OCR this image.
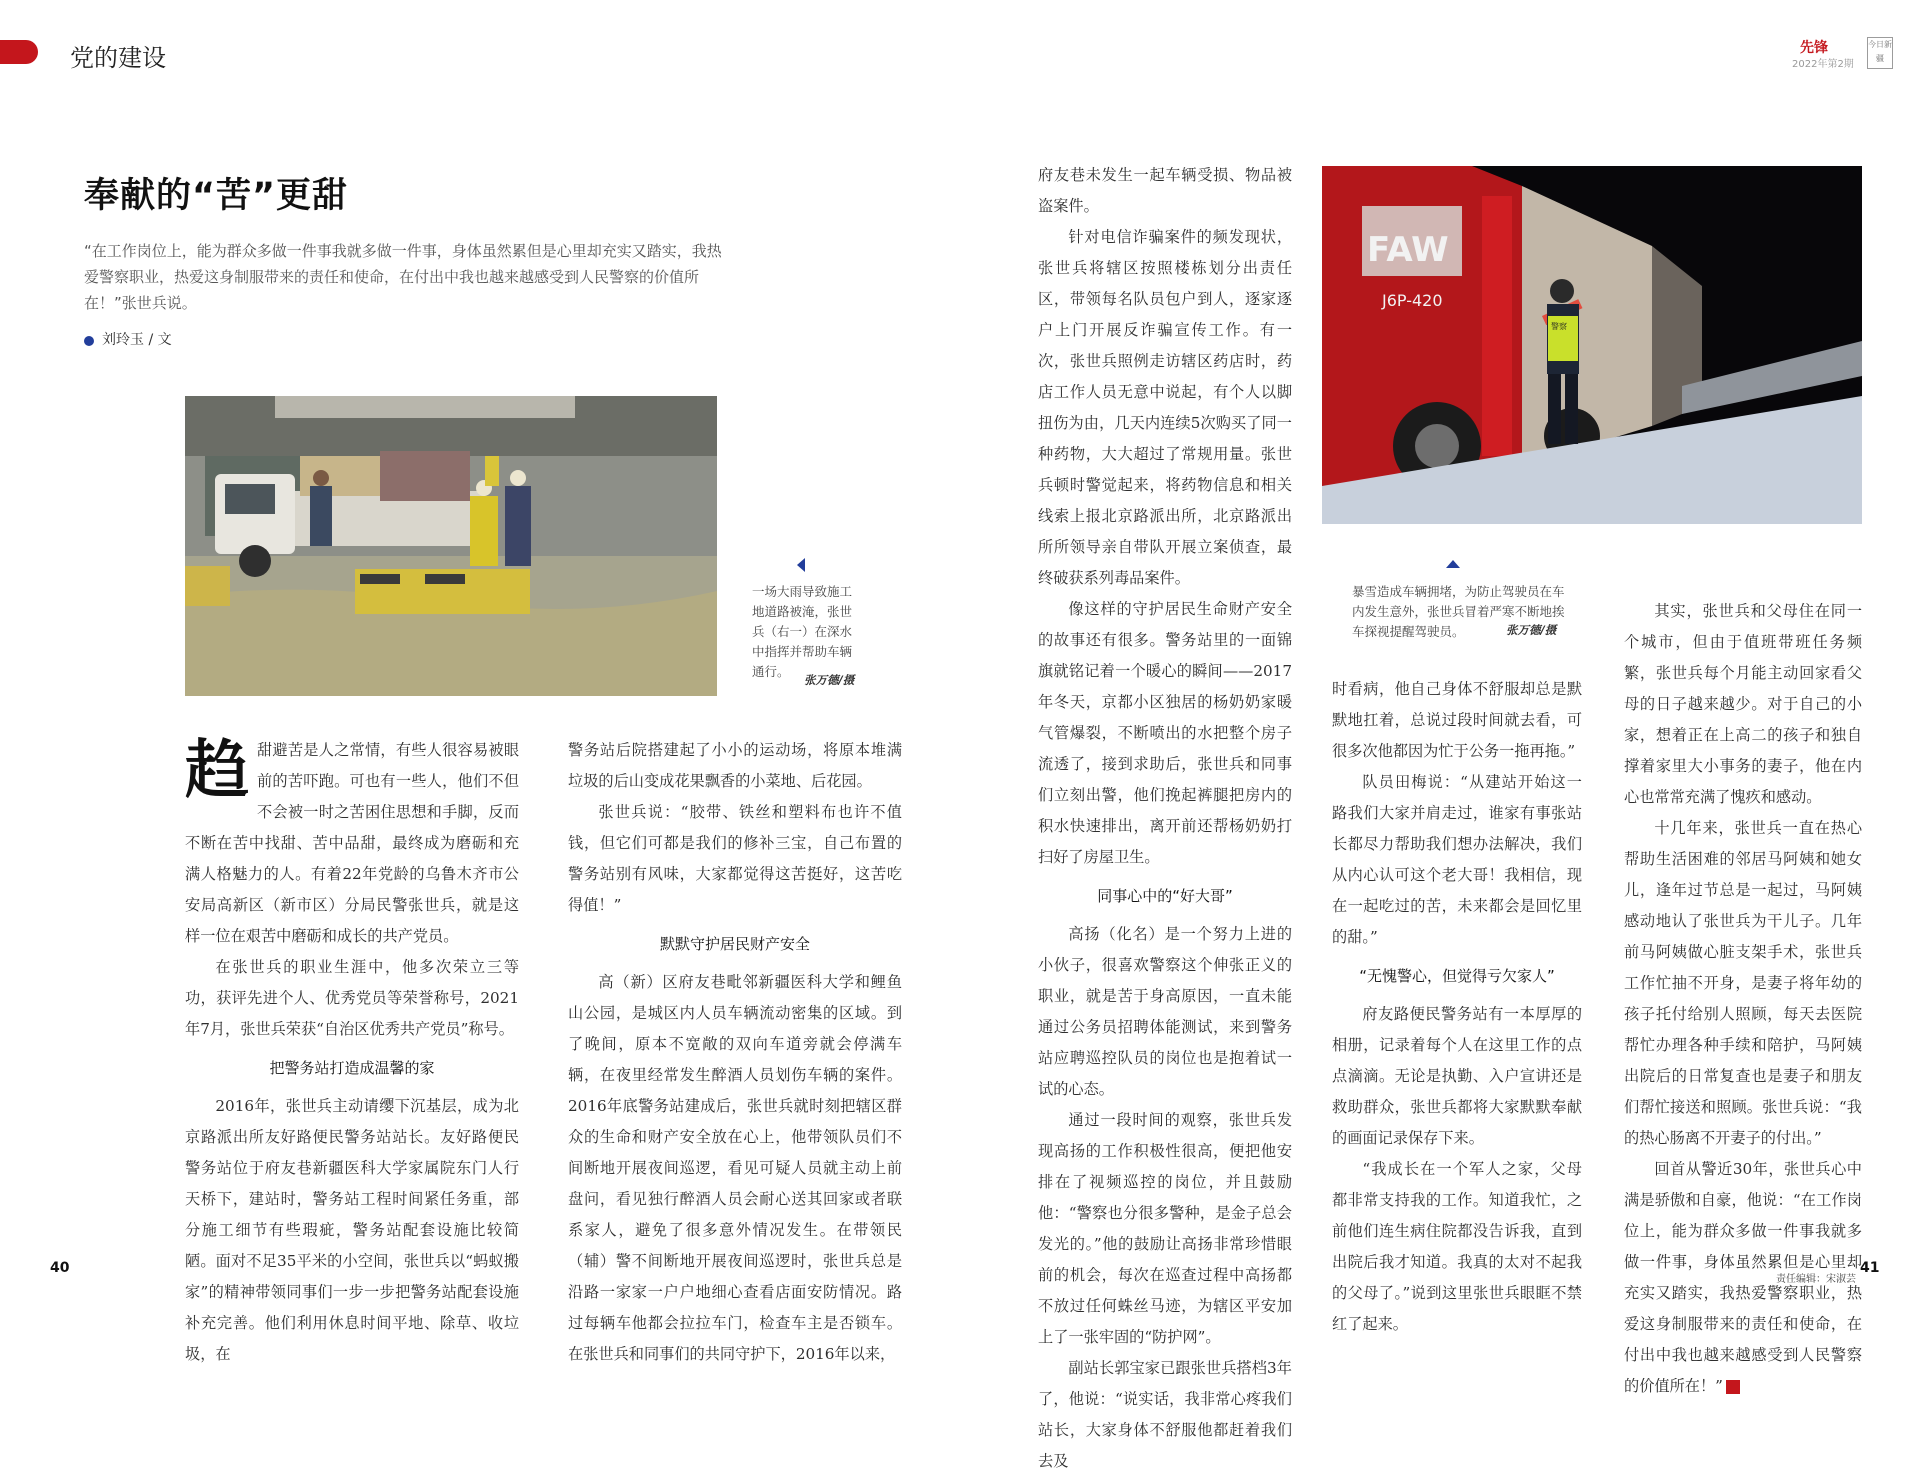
党的建设	先锋
2022年第2期
今日新疆
奉献的“苦”更甜
“在工作岗位上，能为群众多做一件事我就多做一件事，身体虽然累但是心里却充实又踏实，我热爱警察职业，热爱这身制服带来的责任和使命，在付出中我也越来越感受到人民警察的价值所在！”张世兵说。
刘玲玉 / 文
一场大雨导致施工地道路被淹，张世兵（右一）在深水中指挥并帮助车辆通行。
张万德/摄
FAW
J6P-420
警察
暴雪造成车辆拥堵，为防止驾驶员在车内发生意外，张世兵冒着严寒不断地挨车探视提醒驾驶员。	张万德/摄

趋甜避苦是人之常情，有些人很容易被眼前的苦吓跑。可也有一些人，他们不但不会被一时之苦困住思想和手脚，反而不断在苦中找甜、苦中品甜，最终成为磨砺和充满人格魅力的人。有着22年党龄的乌鲁木齐市公安局高新区（新市区）分局民警张世兵，就是这样一位在艰苦中磨砺和成长的共产党员。

在张世兵的职业生涯中，他多次荣立三等功，获评先进个人、优秀党员等荣誉称号，2021年7月，张世兵荣获“自治区优秀共产党员”称号。

把警务站打造成温馨的家

2016年，张世兵主动请缨下沉基层，成为北京路派出所友好路便民警务站站长。友好路便民警务站位于府友巷新疆医科大学家属院东门人行天桥下，建站时，警务站工程时间紧任务重，部分施工细节有些瑕疵，警务站配套设施比较简陋。面对不足35平米的小空间，张世兵以“蚂蚁搬家”的精神带领同事们一步一步把警务站配套设施补充完善。他们利用休息时间平地、除草、收垃圾，在

警务站后院搭建起了小小的运动场，将原本堆满垃圾的后山变成花果飘香的小菜地、后花园。

张世兵说：“胶带、铁丝和塑料布也许不值钱，但它们可都是我们的修补三宝，自己布置的警务站别有风味，大家都觉得这苦挺好，这苦吃得值！”

默默守护居民财产安全

高（新）区府友巷毗邻新疆医科大学和鲤鱼山公园，是城区内人员车辆流动密集的区域。到了晚间，原本不宽敞的双向车道旁就会停满车辆，在夜里经常发生醉酒人员划伤车辆的案件。2016年底警务站建成后，张世兵就时刻把辖区群众的生命和财产安全放在心上，他带领队员们不间断地开展夜间巡逻，看见可疑人员就主动上前盘问，看见独行醉酒人员会耐心送其回家或者联系家人，避免了很多意外情况发生。在带领民（辅）警不间断地开展夜间巡逻时，张世兵总是沿路一家家一户户地细心查看店面安防情况。路过每辆车他都会拉拉车门，检查车主是否锁车。在张世兵和同事们的共同守护下，2016年以来，

府友巷未发生一起车辆受损、物品被盗案件。

针对电信诈骗案件的频发现状，张世兵将辖区按照楼栋划分出责任区，带领每名队员包户到人，逐家逐户上门开展反诈骗宣传工作。有一次，张世兵照例走访辖区药店时，药店工作人员无意中说起，有个人以脚扭伤为由，几天内连续5次购买了同一种药物，大大超过了常规用量。张世兵顿时警觉起来，将药物信息和相关线索上报北京路派出所，北京路派出所所领导亲自带队开展立案侦查，最终破获系列毒品案件。

像这样的守护居民生命财产安全的故事还有很多。警务站里的一面锦旗就铭记着一个暖心的瞬间——2017年冬天，京都小区独居的杨奶奶家暖气管爆裂，不断喷出的水把整个房子流透了，接到求助后，张世兵和同事们立刻出警，他们挽起裤腿把房内的积水快速排出，离开前还帮杨奶奶打扫好了房屋卫生。

同事心中的“好大哥”

高扬（化名）是一个努力上进的小伙子，很喜欢警察这个伸张正义的职业，就是苦于身高原因，一直未能通过公务员招聘体能测试，来到警务站应聘巡控队员的岗位也是抱着试一试的心态。

通过一段时间的观察，张世兵发现高扬的工作积极性很高，便把他安排在了视频巡控的岗位，并且鼓励他：“警察也分很多警种，是金子总会发光的。”他的鼓励让高扬非常珍惜眼前的机会，每次在巡查过程中高扬都不放过任何蛛丝马迹，为辖区平安加上了一张牢固的“防护网”。

副站长郭宝家已跟张世兵搭档3年了，他说：“说实话，我非常心疼我们站长，大家身体不舒服他都赶着我们去及

时看病，他自己身体不舒服却总是默默地扛着，总说过段时间就去看，可很多次他都因为忙于公务一拖再拖。”

队员田梅说：“从建站开始这一路我们大家并肩走过，谁家有事张站长都尽力帮助我们想办法解决，我们从内心认可这个老大哥！我相信，现在一起吃过的苦，未来都会是回忆里的甜。”

“无愧警心，但觉得亏欠家人”

府友路便民警务站有一本厚厚的相册，记录着每个人在这里工作的点点滴滴。无论是执勤、入户宣讲还是救助群众，张世兵都将大家默默奉献的画面记录保存下来。

“我成长在一个军人之家，父母都非常支持我的工作。知道我忙，之前他们连生病住院都没告诉我，直到出院后我才知道。我真的太对不起我的父母了。”说到这里张世兵眼眶不禁红了起来。

其实，张世兵和父母住在同一个城市，但由于值班带班任务频繁，张世兵每个月能主动回家看父母的日子越来越少。对于自己的小家，想着正在上高二的孩子和独自撑着家里大小事务的妻子，他在内心也常常充满了愧疚和感动。

十几年来，张世兵一直在热心帮助生活困难的邻居马阿姨和她女儿，逢年过节总是一起过，马阿姨感动地认了张世兵为干儿子。几年前马阿姨做心脏支架手术，张世兵工作忙抽不开身，是妻子将年幼的孩子托付给别人照顾，每天去医院帮忙办理各种手续和陪护，马阿姨出院后的日常复查也是妻子和朋友们帮忙接送和照顾。张世兵说：“我的热心肠离不开妻子的付出。”

回首从警近30年，张世兵心中满是骄傲和自豪，他说：“在工作岗位上，能为群众多做一件事我就多做一件事，身体虽然累但是心里却充实又踏实，我热爱警察职业，热爱这身制服带来的责任和使命，在付出中我也越来越感受到人民警察的价值所在！”

40	41
责任编辑：宋淑芸
